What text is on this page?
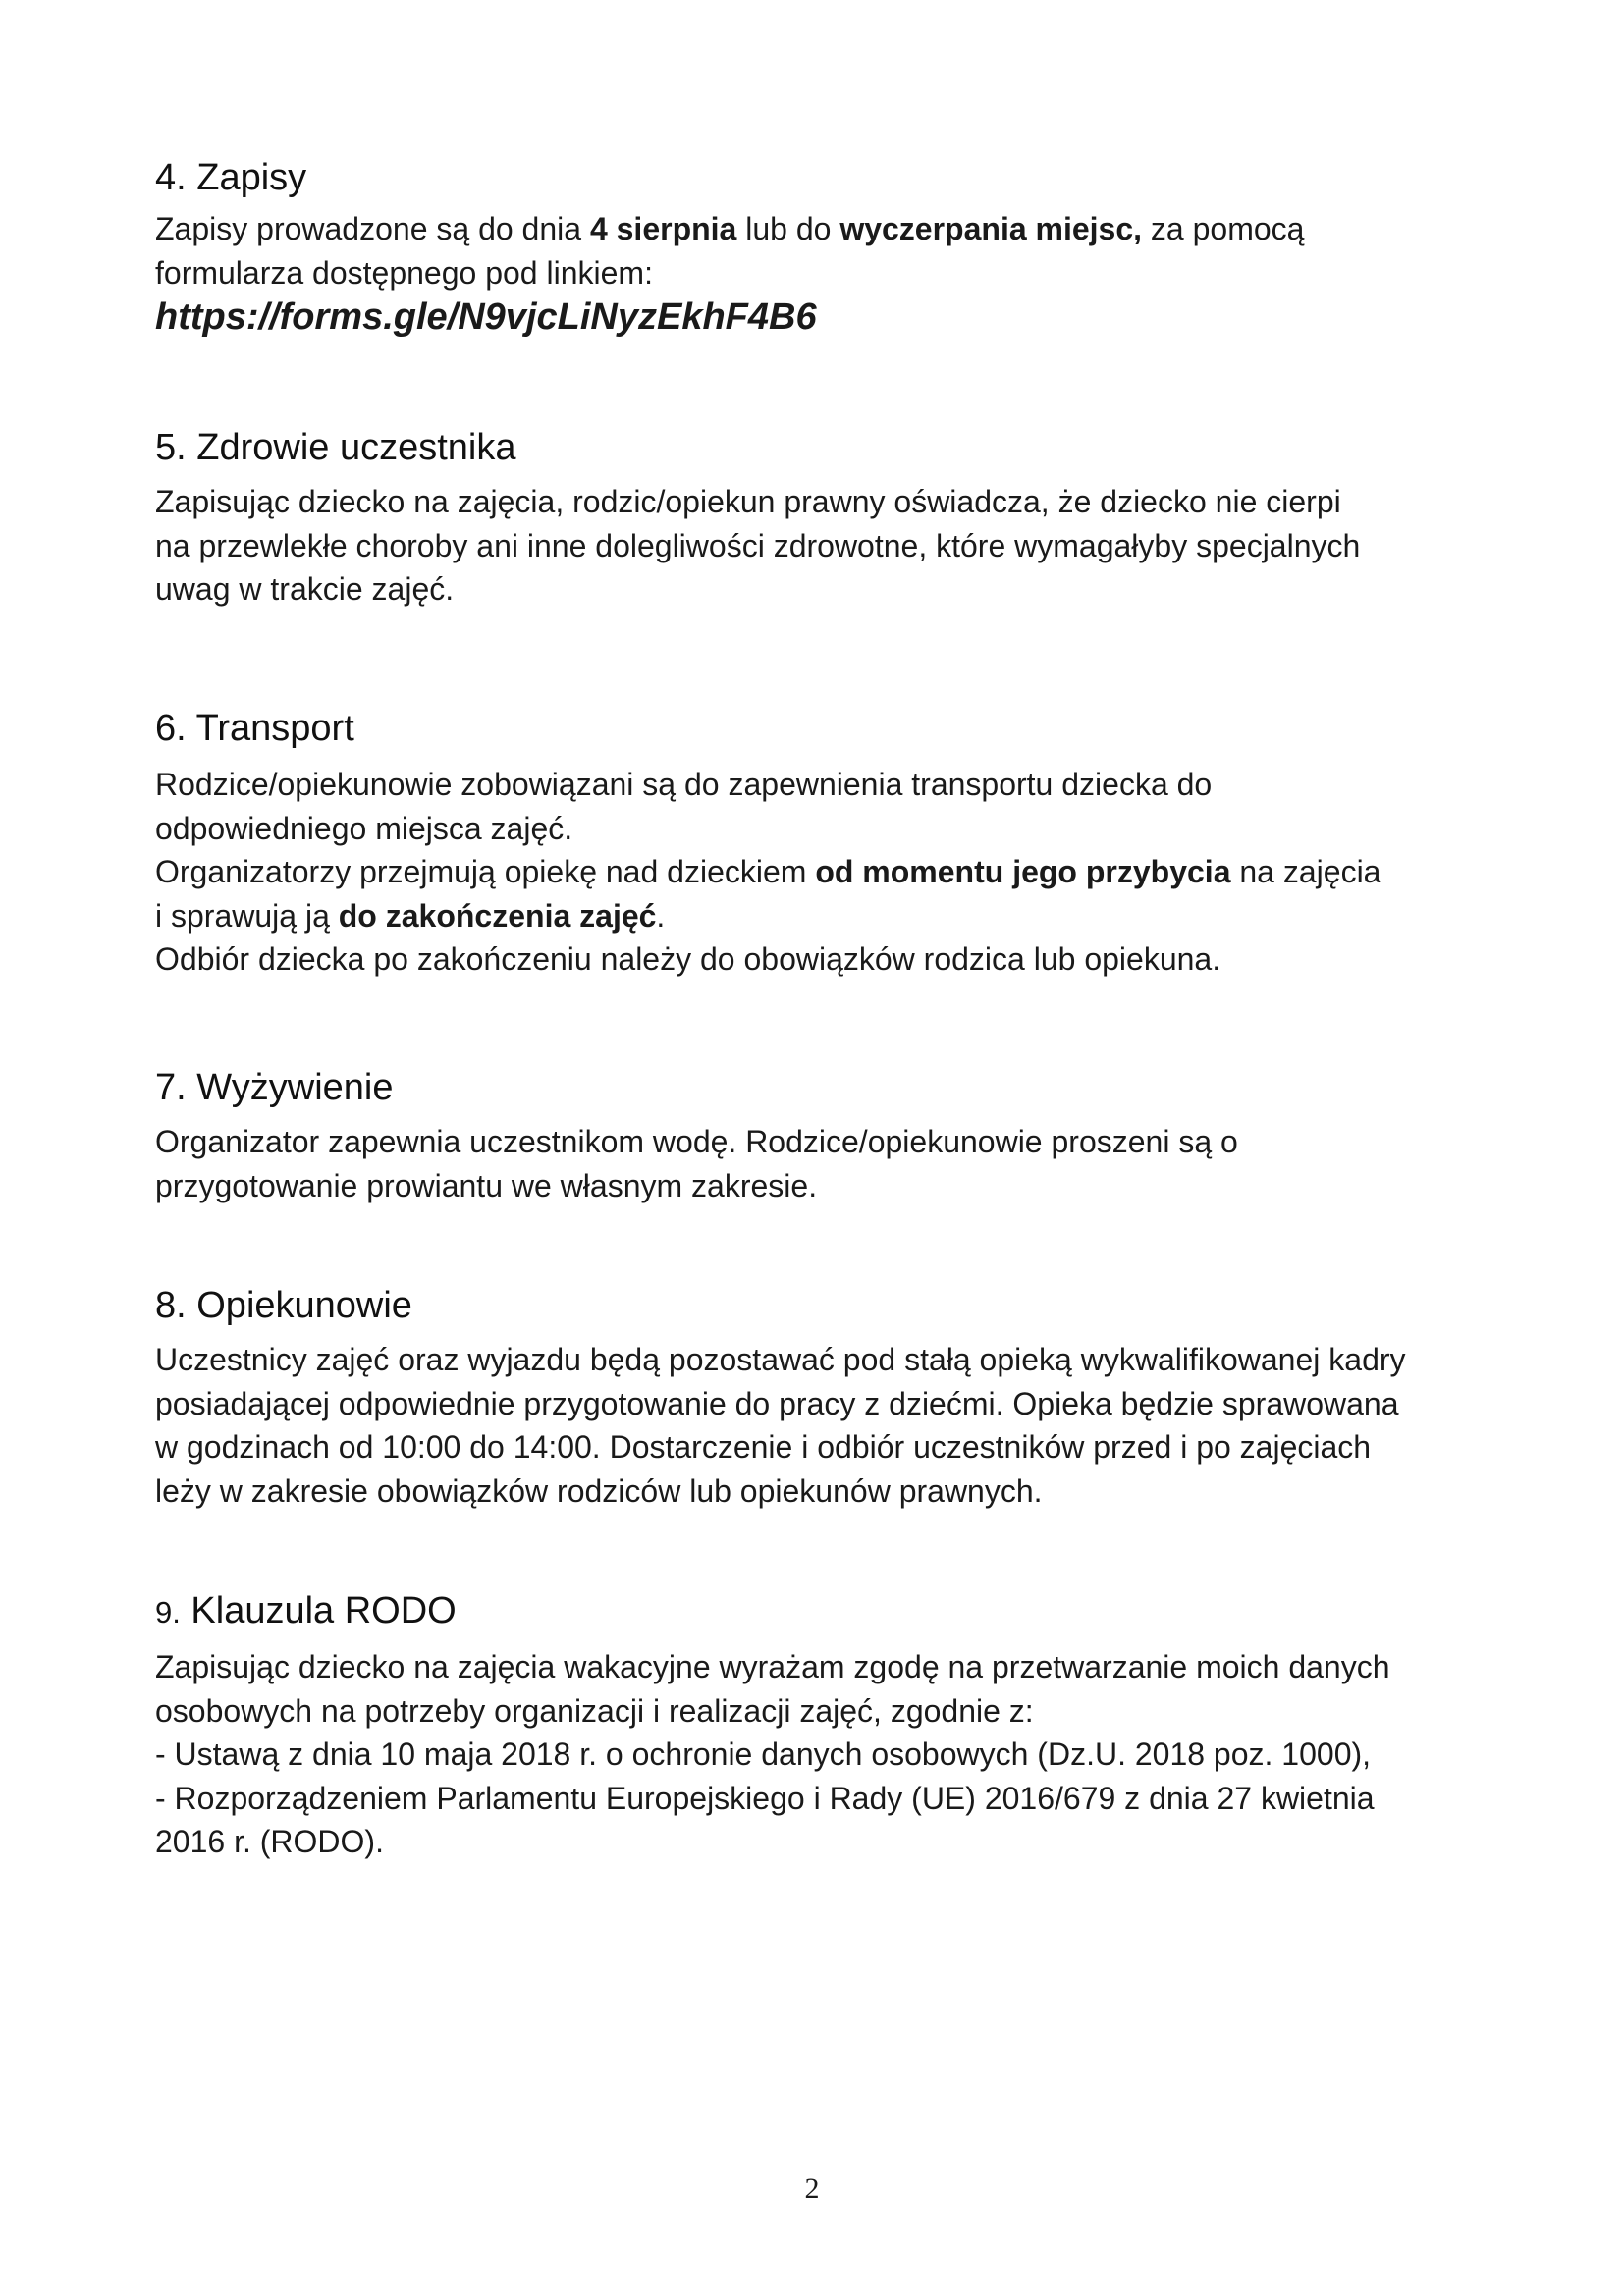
4. Zapisy

Zapisy prowadzone są do dnia 4 sierpnia lub do wyczerpania miejsc, za pomocą
formularza dostępnego pod linkiem:

https://forms.gle/N9vjcLiNyzEkhF4B6

5. Zdrowie uczestnika

Zapisując dziecko na zajęcia, rodzic/opiekun prawny oświadcza, że dziecko nie cierpi
na przewlekłe choroby ani inne dolegliwości zdrowotne, które wymagałyby specjalnych
uwag w trakcie zajęć.

6. Transport

Rodzice/opiekunowie zobowiązani są do zapewnienia transportu dziecka do
odpowiedniego miejsca zajęć.
Organizatorzy przejmują opiekę nad dzieckiem od momentu jego przybycia na zajęcia
i sprawują ją do zakończenia zajęć.
Odbiór dziecka po zakończeniu należy do obowiązków rodzica lub opiekuna.

7. Wyżywienie

Organizator zapewnia uczestnikom wodę. Rodzice/opiekunowie proszeni są o
przygotowanie prowiantu we własnym zakresie.

8. Opiekunowie

Uczestnicy zajęć oraz wyjazdu będą pozostawać pod stałą opieką wykwalifikowanej kadry
posiadającej odpowiednie przygotowanie do pracy z dziećmi. Opieka będzie sprawowana
w godzinach od 10:00 do 14:00. Dostarczenie i odbiór uczestników przed i po zajęciach
leży w zakresie obowiązków rodziców lub opiekunów prawnych.

9. Klauzula RODO

Zapisując dziecko na zajęcia wakacyjne wyrażam zgodę na przetwarzanie moich danych
osobowych na potrzeby organizacji i realizacji zajęć, zgodnie z:
- Ustawą z dnia 10 maja 2018 r. o ochronie danych osobowych (Dz.U. 2018 poz. 1000),
- Rozporządzeniem Parlamentu Europejskiego i Rady (UE) 2016/679 z dnia 27 kwietnia
2016 r. (RODO).

2
